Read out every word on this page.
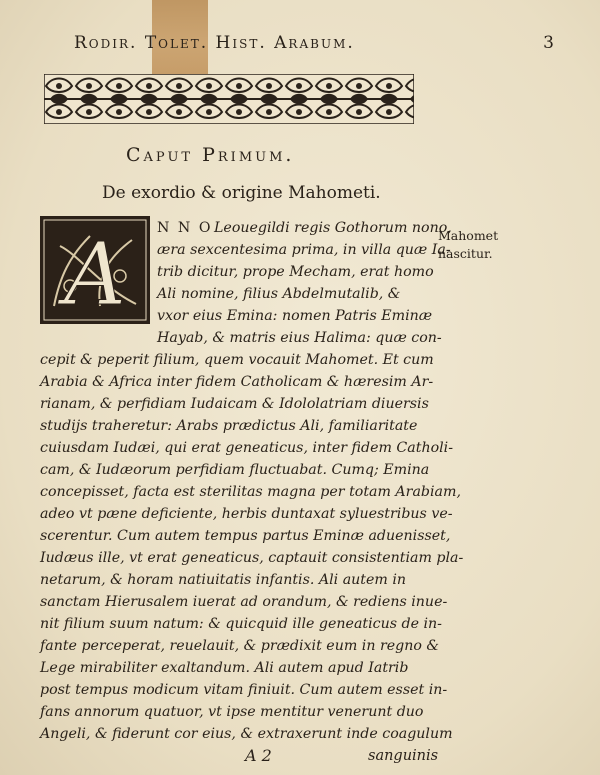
Rodir. Tolet. Hist. Arabum.	3
Caput Primum.
De exordio & origine Mahometi.
Mahomet
nascitur.
A N N O Leouegildi regis Gothorum nono,
æra sexcentesima prima, in villa quæ Ia-
trib dicitur, prope Mecham, erat homo
Ali nomine, filius Abdelmutalib, &
vxor eius Emina: nomen Patris Eminæ
Hayab, & matris eius Halima: quæ con-
cepit & peperit filium, quem vocauit Mahomet. Et cum
Arabia & Africa inter fidem Catholicam & hæresim Ar-
rianam, & perfidiam Iudaicam & Idololatriam diuersis
studijs traheretur: Arabs prædictus Ali, familiaritate
cuiusdam Iudæi, qui erat geneaticus, inter fidem Catholi-
cam, & Iudæorum perfidiam fluctuabat. Cumq; Emina
concepisset, facta est sterilitas magna per totam Arabiam,
adeo vt pæne deficiente, herbis duntaxat syluestribus ve-
scerentur. Cum autem tempus partus Eminæ aduenisset,
Iudæus ille, vt erat geneaticus, captauit consistentiam pla-
netarum, & horam natiuitatis infantis. Ali autem in
sanctam Hierusalem iuerat ad orandum, & rediens inue-
nit filium suum natum: & quicquid ille geneaticus de in-
fante perceperat, reuelauit, & prædixit eum in regno &
Lege mirabiliter exaltandum. Ali autem apud Iatrib
post tempus modicum vitam finiuit. Cum autem esset in-
fans annorum quatuor, vt ipse mentitur venerunt duo
Angeli, & fiderunt cor eius, & extraxerunt inde coagulum
A 2	sanguinis
